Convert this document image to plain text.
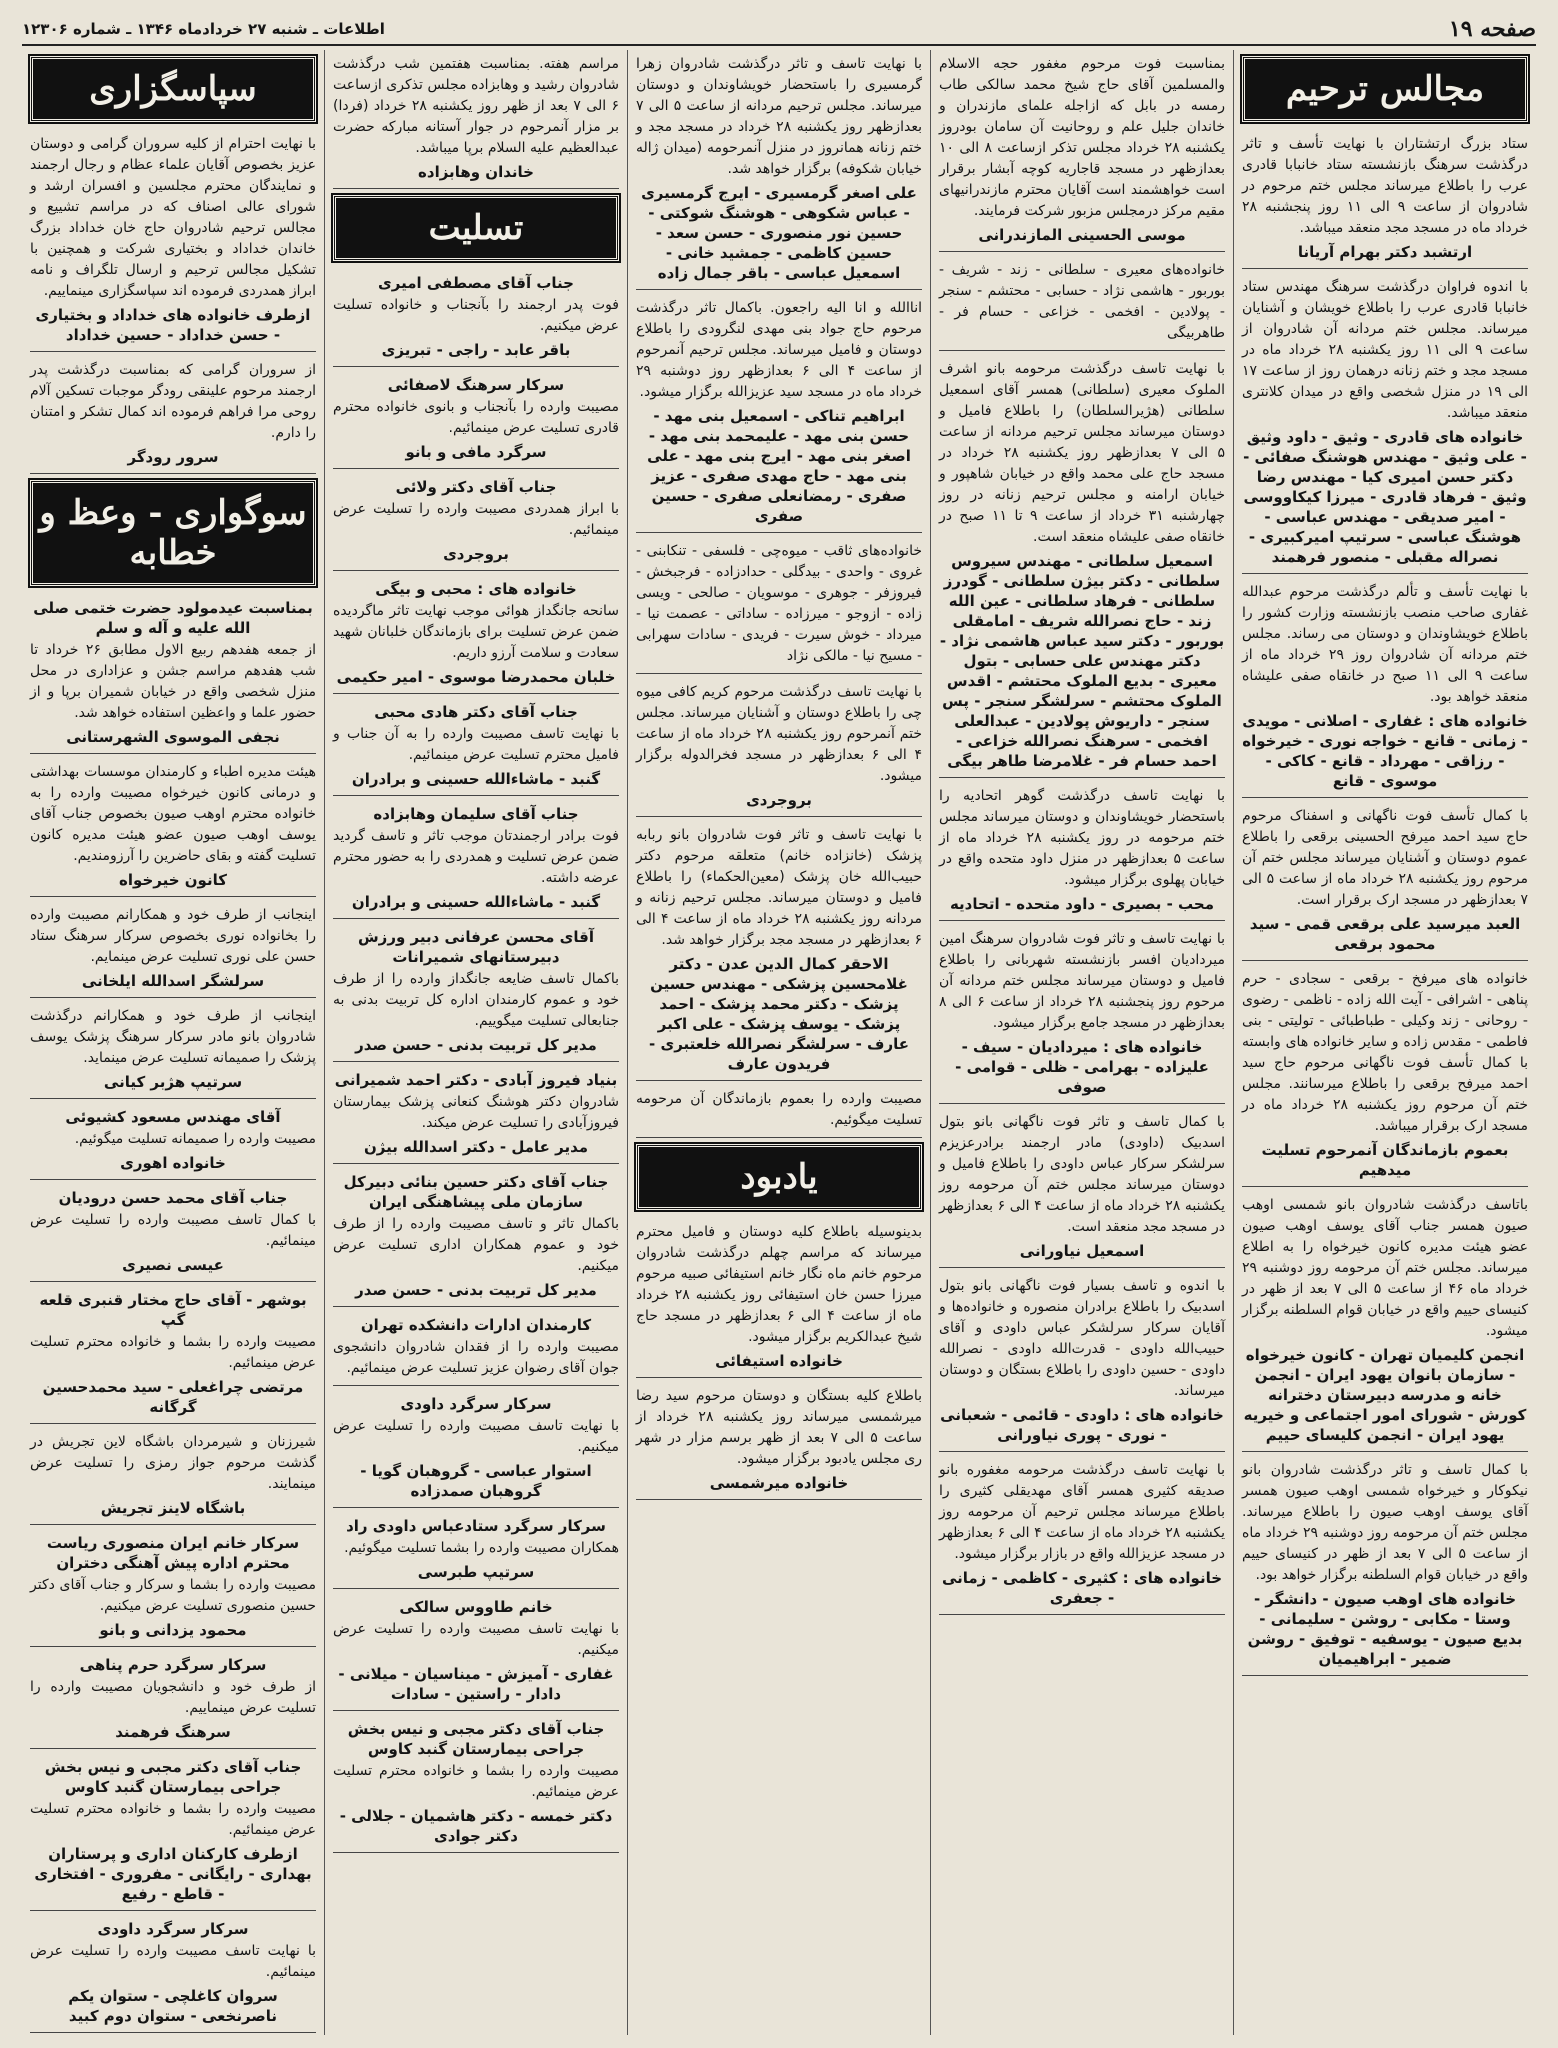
صفحه ۱۹
اطلاعات ـ شنبه ۲۷ خردادماه ۱۳۴۶ ـ شماره ۱۲۳۰۶
مجالس ترحیم

ستاد بزرگ ارتشتاران با نهایت تأسف و تاثر درگذشت سرهنگ بازنشسته ستاد خانبابا قادری عرب را باطلاع میرساند مجلس ختم مرحوم در شادروان از ساعت ۹ الی ۱۱ روز پنجشنبه ۲۸ خرداد ماه در مسجد مجد منعقد میباشد.

ارتشبد دکتر بهرام آریانا

با اندوه فراوان درگذشت سرهنگ مهندس ستاد خانبابا قادری عرب را باطلاع خویشان و آشنایان میرساند. مجلس ختم مردانه آن شادروان از ساعت ۹ الی ۱۱ روز یکشنبه ۲۸ خرداد ماه در مسجد مجد و ختم زنانه درهمان روز از ساعت ۱۷ الی ۱۹ در منزل شخصی واقع در میدان کلانتری منعقد میباشد.

خانواده های قادری - وثیق - داود وثیق - علی وثیق - مهندس هوشنگ صفائی - دکتر حسن امیری کیا - مهندس رضا وثیق - فرهاد قادری - میرزا کیکاووسی - امیر صدیقی - مهندس عباسی - هوشنگ عباسی - سرتیپ امیرکبیری - نصراله مقبلی - منصور فرهمند

با نهایت تأسف و تألم درگذشت مرحوم عبدالله غفاری صاحب منصب بازنشسته وزارت کشور را باطلاع خویشاوندان و دوستان می رساند. مجلس ختم مردانه آن شادروان روز ۲۹ خرداد ماه از ساعت ۹ الی ۱۱ صبح در خانقاه صفی علیشاه منعقد خواهد بود.

خانواده های : غفاری - اصلانی - مویدی - زمانی - قانع - خواجه نوری - خیرخواه - رزاقی - مهرداد - قانع - کاکی - موسوی - قانع

با کمال تأسف فوت ناگهانی و اسفناک مرحوم حاج سید احمد میرفح الحسینی برقعی را باطلاع عموم دوستان و آشنایان میرساند مجلس ختم آن مرحوم روز یکشنبه ۲۸ خرداد ماه از ساعت ۵ الی ۷ بعدازظهر در مسجد ارک برقرار است.

العبد میرسید علی برقعی قمی - سید محمود برقعی

خانواده های میرفخ - برقعی - سجادی - حرم پناهی - اشرافی - آیت الله زاده - ناظمی - رضوی - روحانی - زند وکیلی - طباطبائی - تولیتی - بنی فاطمی - مقدس زاده و سایر خانواده های وابسته با کمال تأسف فوت ناگهانی مرحوم حاج سید احمد میرفح برقعی را باطلاع میرسانند. مجلس ختم آن مرحوم روز یکشنبه ۲۸ خرداد ماه در مسجد ارک برقرار میباشد.

بعموم بازماندگان آنمرحوم تسلیت میدهیم

باتاسف درگذشت شادروان بانو شمسی اوهب صیون همسر جناب آقای یوسف اوهب صیون عضو هیئت مدیره کانون خیرخواه را به اطلاع میرساند. مجلس ختم آن مرحومه روز دوشنبه ۲۹ خرداد ماه ۴۶ از ساعت ۵ الی ۷ بعد از ظهر در کنیسای حییم واقع در خیابان قوام السلطنه برگزار میشود.

انجمن کلیمیان تهران - کانون خیرخواه - سازمان بانوان یهود ایران - انجمن خانه و مدرسه دبیرستان دخترانه کورش - شورای امور اجتماعی و خیریه یهود ایران - انجمن کلیسای حییم

با کمال تاسف و تاثر درگذشت شادروان بانو نیکوکار و خیرخواه شمسی اوهب صیون همسر آقای یوسف اوهب صیون را باطلاع میرساند. مجلس ختم آن مرحومه روز دوشنبه ۲۹ خرداد ماه از ساعت ۵ الی ۷ بعد از ظهر در کنیسای حییم واقع در خیابان قوام السلطنه برگزار خواهد بود.

خانواده های اوهب صیون - دانشگر - وستا - مکابی - روشن - سلیمانی - بدیع صیون - یوسفیه - توفیق - روشن ضمیر - ابراهیمیان

بمناسبت فوت مرحوم مغفور حجه الاسلام والمسلمین آقای حاج شیخ محمد سالکی طاب رمسه در بابل که ازاجله علمای مازندران و خاندان جلیل علم و روحانیت آن سامان بودروز یکشنبه ۲۸ خرداد مجلس تذکر ازساعت ۸ الی ۱۰ بعدازظهر در مسجد قاجاریه کوچه آبشار برقرار است خواهشمند است آقایان محترم مازندرانیهای مقیم مرکز درمجلس مزبور شرکت فرمایند.

موسی الحسینی المازندرانی

خانواده‌های معیری - سلطانی - زند - شریف - بوربور - هاشمی نژاد - حسابی - محتشم - سنجر - پولادین - افخمی - خزاعی - حسام فر - طاهربیگی

با نهایت تاسف درگذشت مرحومه بانو اشرف الملوک معیری (سلطانی) همسر آقای اسمعیل سلطانی (هژیرالسلطان) را باطلاع فامیل و دوستان میرساند مجلس ترحیم مردانه از ساعت ۵ الی ۷ بعدازظهر روز یکشنبه ۲۸ خرداد در مسجد حاج علی محمد واقع در خیابان شاهپور و خیابان ارامنه و مجلس ترحیم زنانه در روز چهارشنبه ۳۱ خرداد از ساعت ۹ تا ۱۱ صبح در خانقاه صفی علیشاه منعقد است.

اسمعیل سلطانی - مهندس سیروس سلطانی - دکتر بیژن سلطانی - گودرز سلطانی - فرهاد سلطانی - عین الله زند - حاج نصرالله شریف - امامقلی بوربور - دکتر سید عباس هاشمی نژاد - دکتر مهندس علی حسابی - بتول معیری - بدیع الملوک محتشم - اقدس الملوک محتشم - سرلشگر سنجر - پس سنجر - داریوش پولادین - عبدالعلی افخمی - سرهنگ نصرالله خزاعی - احمد حسام فر - غلامرضا طاهر بیگی

با نهایت تاسف درگذشت گوهر اتحادیه را باستحضار خویشاوندان و دوستان میرساند مجلس ختم مرحومه در روز یکشنبه ۲۸ خرداد ماه از ساعت ۵ بعدازظهر در منزل داود متحده واقع در خیابان پهلوی برگزار میشود.

محب - بصیری - داود متحده - اتحادیه

با نهایت تاسف و تاثر فوت شادروان سرهنگ امین میردادیان افسر بازنشسته شهربانی را باطلاع فامیل و دوستان میرساند مجلس ختم مردانه آن مرحوم روز پنجشنبه ۲۸ خرداد از ساعت ۶ الی ۸ بعدازظهر در مسجد جامع برگزار میشود.

خانواده های : میردادیان - سیف - علیزاده - بهرامی - ظلی - قوامی - صوفی

با کمال تاسف و تاثر فوت ناگهانی بانو بتول اسدبیک (داودی) مادر ارجمند برادرعزیزم سرلشکر سرکار عباس داودی را باطلاع فامیل و دوستان میرساند مجلس ختم آن مرحومه روز یکشنبه ۲۸ خرداد ماه از ساعت ۴ الی ۶ بعدازظهر در مسجد مجد منعقد است.

اسمعیل نیاورانی

با اندوه و تاسف بسیار فوت ناگهانی بانو بتول اسدبیک را باطلاع برادران منصوره و خانواده‌ها و آقایان سرکار سرلشکر عباس داودی و آقای حبیب‌الله داودی - قدرت‌الله داودی - نصرالله داودی - حسین داودی را باطلاع بستگان و دوستان میرساند.

خانواده های : داودی - قائمی - شعبانی - نوری - پوری نیاورانی

با نهایت تاسف درگذشت مرحومه مغفوره بانو صدیقه کثیری همسر آقای مهدیقلی کثیری را باطلاع میرساند مجلس ترحیم آن مرحومه روز یکشنبه ۲۸ خرداد ماه از ساعت ۴ الی ۶ بعدازظهر در مسجد عزیزالله واقع در بازار برگزار میشود.

خانواده های : کثیری - کاظمی - زمانی - جعفری

با نهایت تاسف و تاثر درگذشت شادروان زهرا گرمسیری را باستحضار خویشاوندان و دوستان میرساند. مجلس ترحیم مردانه از ساعت ۵ الی ۷ بعدازظهر روز یکشنبه ۲۸ خرداد در مسجد مجد و ختم زنانه همانروز در منزل آنمرحومه (میدان ژاله خیابان شکوفه) برگزار خواهد شد.

علی اصغر گرمسیری - ایرج گرمسیری - عباس شکوهی - هوشنگ شوکتی - حسین نور منصوری - حسن سعد - حسین کاظمی - جمشید خانی - اسمعیل عباسی - باقر جمال زاده

اناالله و انا الیه راجعون. باکمال تاثر درگذشت مرحوم حاج جواد بنی مهدی لنگرودی را باطلاع دوستان و فامیل میرساند. مجلس ترحیم آنمرحوم از ساعت ۴ الی ۶ بعدازظهر روز دوشنبه ۲۹ خرداد ماه در مسجد سید عزیزالله برگزار میشود.

ابراهیم تناکی - اسمعیل بنی مهد - حسن بنی مهد - علیمحمد بنی مهد - اصغر بنی مهد - ایرج بنی مهد - علی بنی مهد - حاج مهدی صفری - عزیز صفری - رمضانعلی صفری - حسین صفری

خانواده‌های ثاقب - میوه‌چی - فلسفی - تنکابنی - غروی - واحدی - بیدگلی - حدادزاده - فرجبخش - فیروزفر - جوهری - موسویان - صالحی - ویسی زاده - ازوجو - میرزاده - ساداتی - عصمت نیا - میرداد - خوش سیرت - فریدی - سادات سهرابی - مسیح نیا - مالکی نژاد

با نهایت تاسف درگذشت مرحوم کریم کافی میوه چی را باطلاع دوستان و آشنایان میرساند. مجلس ختم آنمرحوم روز یکشنبه ۲۸ خرداد ماه از ساعت ۴ الی ۶ بعدازظهر در مسجد فخرالدوله برگزار میشود.

بروجردی

با نهایت تاسف و تاثر فوت شادروان بانو ربابه پزشک (خانزاده خانم) متعلقه مرحوم دکتر حبیب‌الله خان پزشک (معین‌الحکماء) را باطلاع فامیل و دوستان میرساند. مجلس ترحیم زنانه و مردانه روز یکشنبه ۲۸ خرداد ماه از ساعت ۴ الی ۶ بعدازظهر در مسجد مجد برگزار خواهد شد.

الاحقر کمال الدین عدن - دکتر غلامحسین پزشکی - مهندس حسین پزشک - دکتر محمد پزشک - احمد پزشک - یوسف پزشک - علی اکبر عارف - سرلشگر نصرالله خلعتبری - فریدون عارف

مصیبت وارده را بعموم بازماندگان آن مرحومه تسلیت میگوئیم.

یادبود

بدینوسیله باطلاع کلیه دوستان و فامیل محترم میرساند که مراسم چهلم درگذشت شادروان مرحوم خانم ماه نگار خانم استیفائی صبیه مرحوم میرزا حسن خان استیفائی روز یکشنبه ۲۸ خرداد ماه از ساعت ۴ الی ۶ بعدازظهر در مسجد حاج شیخ عبدالکریم برگزار میشود.

خانواده استیفائی

باطلاع کلیه بستگان و دوستان مرحوم سید رضا میرشمسی میرساند روز یکشنبه ۲۸ خرداد از ساعت ۵ الی ۷ بعد از ظهر برسم مزار در شهر ری مجلس یادبود برگزار میشود.

خانواده میرشمسی

مراسم هفته. بمناسبت هفتمین شب درگذشت شادروان رشید و وهابزاده مجلس تذکری ازساعت ۶ الی ۷ بعد از ظهر روز یکشنبه ۲۸ خرداد (فردا) بر مزار آنمرحوم در جوار آستانه مبارکه حضرت عبدالعظیم علیه السلام برپا میباشد.

خاندان وهابزاده
تسلیت
جناب آقای مصطفی امیری

فوت پدر ارجمند را بآنجناب و خانواده تسلیت عرض میکنیم.

باقر عابد - راجی - تبریزی
سرکار سرهنگ لاصفائی

مصیبت وارده را بآنجناب و بانوی خانواده محترم قادری تسلیت عرض مینمائیم.

سرگرد مافی و بانو
جناب آقای دکتر ولائی

با ابراز همدردی مصیبت وارده را تسلیت عرض مینمائیم.

بروجردی
خانواده های : محبی و بیگی

سانحه جانگداز هوائی موجب نهایت تاثر ماگردیده ضمن عرض تسلیت برای بازماندگان خلبانان شهید سعادت و سلامت آرزو داریم.

خلبان محمدرضا موسوی - امیر حکیمی
جناب آقای دکتر هادی محبی

با نهایت تاسف مصیبت وارده را به آن جناب و فامیل محترم تسلیت عرض مینمائیم.

گنبد - ماشاءالله حسینی و برادران
جناب آقای سلیمان وهابزاده

فوت برادر ارجمندتان موجب تاثر و تاسف گردید ضمن عرض تسلیت و همدردی را به حضور محترم عرضه داشته.

گنبد - ماشاءالله حسینی و برادران
آقای محسن عرفانی دبیر ورزش دبیرستانهای شمیرانات

باکمال تاسف ضایعه جانگداز وارده را از طرف خود و عموم کارمندان اداره کل تربیت بدنی به جنابعالی تسلیت میگوییم.

مدیر کل تربیت بدنی - حسن صدر
بنیاد فیروز آبادی - دکتر احمد شمیرانی

شادروان دکتر هوشنگ کنعانی پزشک بیمارستان فیروزآبادی را تسلیت عرض میکند.

مدیر عامل - دکتر اسدالله بیژن
جناب آقای دکتر حسین بنائی دبیرکل سازمان ملی پیشاهنگی ایران

باکمال تاثر و تاسف مصیبت وارده را از طرف خود و عموم همکاران اداری تسلیت عرض میکنیم.

مدیر کل تربیت بدنی - حسن صدر
کارمندان ادارات دانشکده تهران

مصیبت وارده را از فقدان شادروان دانشجوی جوان آقای رضوان عزیز تسلیت عرض مینمائیم.

سرکار سرگرد داودی

با نهایت تاسف مصیبت وارده را تسلیت عرض میکنیم.

استوار عباسی - گروهبان گویا - گروهبان صمدزاده
سرکار سرگرد ستادعباس داودی راد

همکاران مصیبت وارده را بشما تسلیت میگوئیم.

سرتیپ طبرسی
خانم طاووس سالکی

با نهایت تاسف مصیبت وارده را تسلیت عرض میکنیم.

غفاری - آمیزش - میناسیان - میلانی - دادار - راستین - سادات
جناب آقای دکتر مجبی و نیس بخش جراحی بیمارستان گنبد کاوس

مصیبت وارده را بشما و خانواده محترم تسلیت عرض مینمائیم.

دکتر خمسه - دکتر هاشمیان - جلالی - دکتر جوادی
سپاسگزاری

با نهایت احترام از کلیه سروران گرامی و دوستان عزیز بخصوص آقایان علماء عظام و رجال ارجمند و نمایندگان محترم مجلسین و افسران ارشد و شورای عالی اصناف که در مراسم تشییع و مجالس ترحیم شادروان حاج خان خداداد بزرگ خاندان خداداد و بختیاری شرکت و همچنین با تشکیل مجالس ترحیم و ارسال تلگراف و نامه ابراز همدردی فرموده اند سپاسگزاری مینماییم.

ازطرف خانواده های خداداد و بختیاری - حسن خداداد - حسین خداداد

از سروران گرامی که بمناسبت درگذشت پدر ارجمند مرحوم علینقی رودگر موجبات تسکین آلام روحی مرا فراهم فرموده اند کمال تشکر و امتنان را دارم.

سرور رودگر
سوگواری - وعظ و خطابه
بمناسبت عیدمولود حضرت ختمی صلی الله علیه و آله و سلم

از جمعه هفدهم ربیع الاول مطابق ۲۶ خرداد تا شب هفدهم مراسم جشن و عزاداری در محل منزل شخصی واقع در خیابان شمیران برپا و از حضور علما و واعظین استفاده خواهد شد.

نجفی الموسوی الشهرستانی

هیئت مدیره اطباء و کارمندان موسسات بهداشتی و درمانی کانون خیرخواه مصیبت وارده را به خانواده محترم اوهب صیون بخصوص جناب آقای یوسف اوهب صیون عضو هیئت مدیره کانون تسلیت گفته و بقای حاضرین را آرزومندیم.

کانون خیرخواه

اینجانب از طرف خود و همکارانم مصیبت وارده را بخانواده نوری بخصوص سرکار سرهنگ ستاد حسن علی نوری تسلیت عرض مینمایم.

سرلشگر اسدالله ایلخانی

اینجانب از طرف خود و همکارانم درگذشت شادروان بانو مادر سرکار سرهنگ پزشک یوسف پزشک را صمیمانه تسلیت عرض مینماید.

سرتیپ هژبر کیانی
آقای مهندس مسعود کشیوئی

مصیبت وارده را صمیمانه تسلیت میگوئیم.

خانواده اهوری
جناب آقای محمد حسن درودیان

با کمال تاسف مصیبت وارده را تسلیت عرض مینمائیم.

عیسی نصیری
بوشهر - آقای حاج مختار قنبری قلعه گپ

مصیبت وارده را بشما و خانواده محترم تسلیت عرض مینمائیم.

مرتضی چراغعلی - سید محمدحسین گرگانه

شیرزنان و شیرمردان باشگاه لاین تجریش در گذشت مرحوم جواز رمزی را تسلیت عرض مینمایند.

باشگاه لاینز تجریش
سرکار خانم ایران منصوری ریاست محترم اداره پیش آهنگی دختران

مصیبت وارده را بشما و سرکار و جناب آقای دکتر حسین منصوری تسلیت عرض میکنیم.

محمود یزدانی و بانو
سرکار سرگرد حرم پناهی

از طرف خود و دانشجویان مصیبت وارده را تسلیت عرض مینماییم.

سرهنگ فرهمند
جناب آقای دکتر مجبی و نیس بخش جراحی بیمارستان گنبد کاوس

مصیبت وارده را بشما و خانواده محترم تسلیت عرض مینمائیم.

ازطرف کارکنان اداری و پرستاران بهداری - رایگانی - مفروری - افتخاری - قاطع - رفیع
سرکار سرگرد داودی

با نهایت تاسف مصیبت وارده را تسلیت عرض مینمائیم.

سروان کاغلچی - ستوان یکم ناصرنخعی - ستوان دوم کبید
